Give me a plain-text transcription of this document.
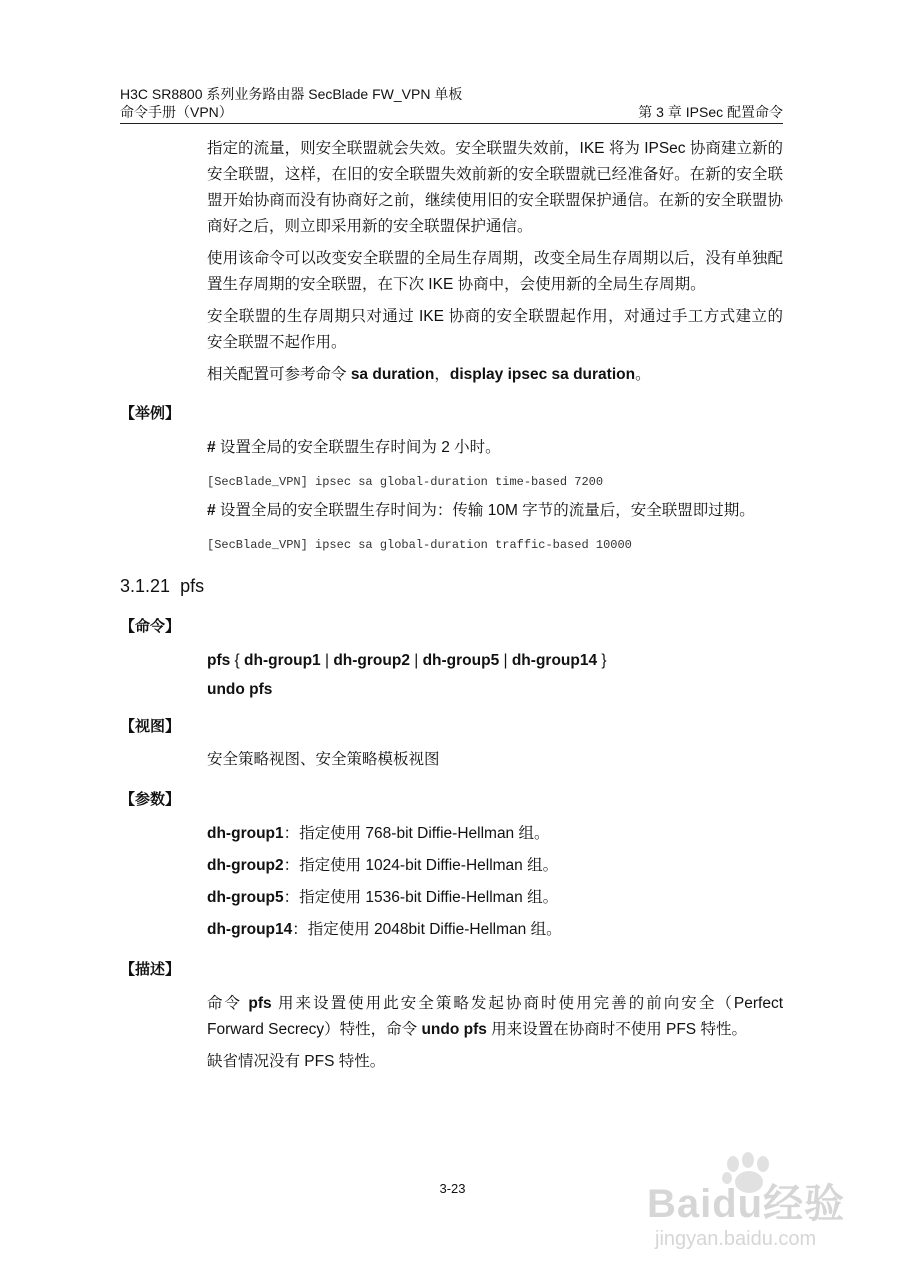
H3C SR8800 系列业务路由器 SecBlade FW_VPN 单板
命令手册（VPN）	第 3 章 IPSec 配置命令
指定的流量，则安全联盟就会失效。安全联盟失效前，IKE 将为 IPSec 协商建立新的安全联盟，这样，在旧的安全联盟失效前新的安全联盟就已经准备好。在新的安全联盟开始协商而没有协商好之前，继续使用旧的安全联盟保护通信。在新的安全联盟协商好之后，则立即采用新的安全联盟保护通信。
使用该命令可以改变安全联盟的全局生存周期，改变全局生存周期以后，没有单独配置生存周期的安全联盟，在下次 IKE 协商中，会使用新的全局生存周期。
安全联盟的生存周期只对通过 IKE 协商的安全联盟起作用，对通过手工方式建立的安全联盟不起作用。
相关配置可参考命令 sa duration，display ipsec sa duration。
【举例】
# 设置全局的安全联盟生存时间为 2 小时。
[SecBlade_VPN] ipsec sa global-duration time-based 7200
# 设置全局的安全联盟生存时间为：传输 10M 字节的流量后，安全联盟即过期。
[SecBlade_VPN] ipsec sa global-duration traffic-based 10000
3.1.21 pfs
【命令】
pfs { dh-group1 | dh-group2 | dh-group5 | dh-group14 }
undo pfs
【视图】
安全策略视图、安全策略模板视图
【参数】
dh-group1：指定使用 768-bit Diffie-Hellman 组。
dh-group2：指定使用 1024-bit Diffie-Hellman 组。
dh-group5：指定使用 1536-bit Diffie-Hellman 组。
dh-group14：指定使用 2048bit Diffie-Hellman 组。
【描述】
命令 pfs 用来设置使用此安全策略发起协商时使用完善的前向安全（Perfect Forward Secrecy）特性，命令 undo pfs 用来设置在协商时不使用 PFS 特性。
缺省情况没有 PFS 特性。
3-23	Baidu经验
jingyan.baidu.com
